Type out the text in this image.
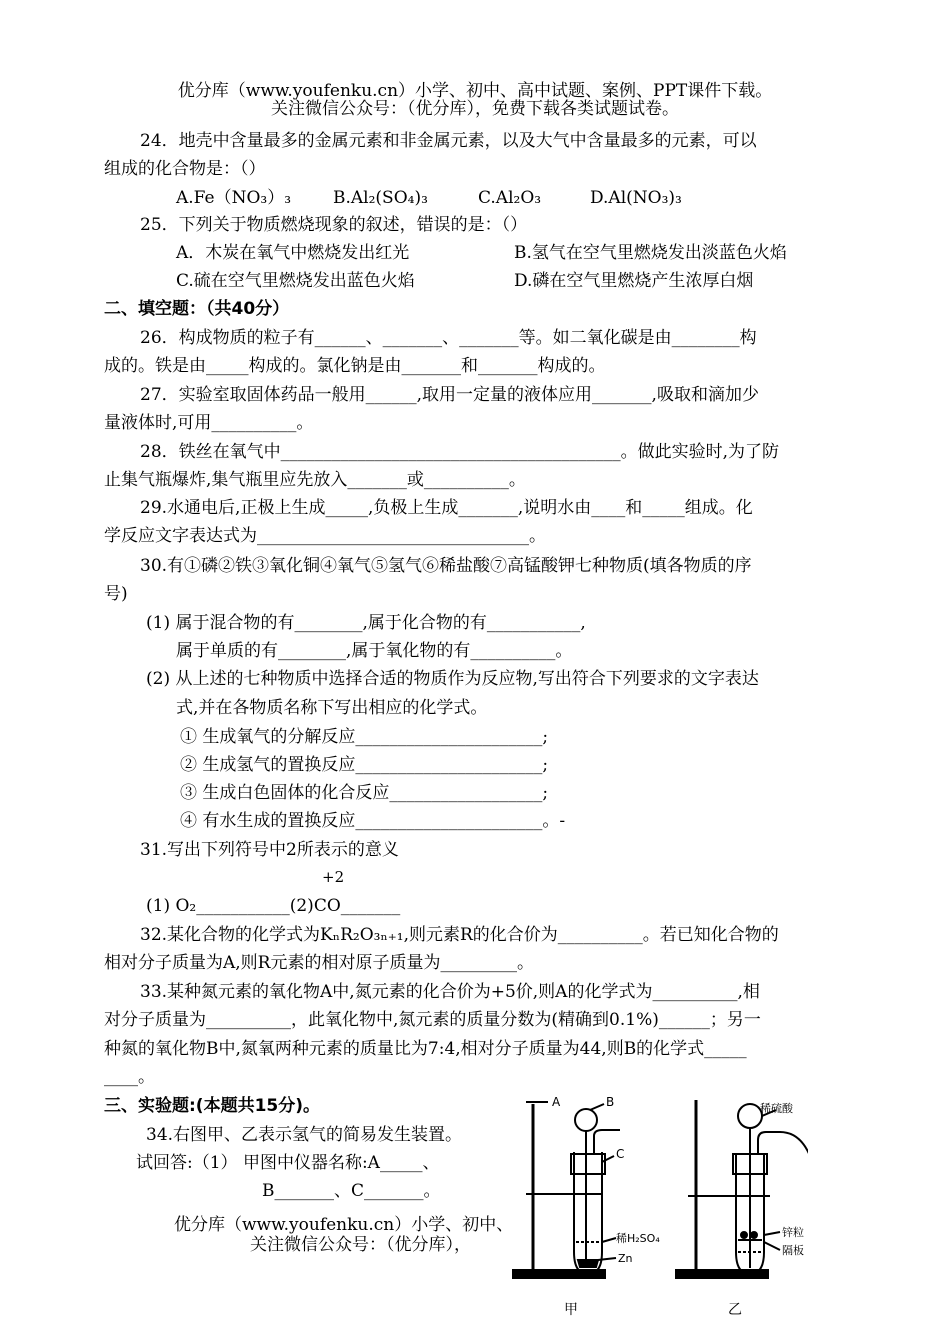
优分库（www.youfenku.cn）小学、初中、高中试题、案例、PPT课件下载。
关注微信公众号：（优分库），免费下载各类试题试卷。
24．地壳中含量最多的金属元素和非金属元素，以及大气中含量最多的元素，可以
组成的化合物是：（）
A.Fe（NO₃）₃ B.Al₂(SO₄)₃	C.Al₂O₃	D.Al(NO₃)₃
25．下列关于物质燃烧现象的叙述，错误的是：（）
A．木炭在氧气中燃烧发出红光	B.氢气在空气里燃烧发出淡蓝色火焰
C.硫在空气里燃烧发出蓝色火焰	D.磷在空气里燃烧产生浓厚白烟
二、填空题：（共40分）
26．构成物质的粒子有______、_______、_______等。如二氧化碳是由________构
成的。铁是由_____构成的。氯化钠是由_______和_______构成的。
27．实验室取固体药品一般用______,取用一定量的液体应用_______,吸取和滴加少
量液体时,可用__________。
28．铁丝在氧气中________________________________________。做此实验时,为了防
止集气瓶爆炸,集气瓶里应先放入_______或__________。
29.水通电后,正极上生成_____,负极上生成_______,说明水由____和_____组成。化
学反应文字表达式为________________________________。
30.有①磷②铁③氧化铜④氧气⑤氢气⑥稀盐酸⑦高锰酸钾七种物质(填各物质的序
号)
(1) 属于混合物的有________,属于化合物的有___________,
属于单质的有________,属于氧化物的有__________。
(2) 从上述的七种物质中选择合适的物质作为反应物,写出符合下列要求的文字表达
式,并在各物质名称下写出相应的化学式。
① 生成氧气的分解反应______________________;
② 生成氢气的置换反应______________________;
③ 生成白色固体的化合反应__________________;
④ 有水生成的置换反应______________________。-
31.写出下列符号中2所表示的意义
+2
(1) O₂___________(2)CO_______
32.某化合物的化学式为KₙR₂O₃ₙ₊₁,则元素R的化合价为__________。若已知化合物的
相对分子质量为A,则R元素的相对原子质量为_________。
33.某种氮元素的氧化物A中,氮元素的化合价为+5价,则A的化学式为__________,相
对分子质量为__________，此氧化物中,氮元素的质量分数为(精确到0.1%)______；另一
种氮的氧化物B中,氮氧两种元素的质量比为7:4,相对分子质量为44,则B的化学式_____
____。
三、实验题:(本题共15分)。
34.右图甲、乙表示氢气的简易发生装置。
试回答:（1） 甲图中仪器名称:A_____、
B_______、C_______。
优分库（www.youfenku.cn）小学、初中、
关注微信公众号：（优分库），
A	B
C
稀H₂SO₄
Zn
稀硫酸
锌粒
隔板
甲	乙
